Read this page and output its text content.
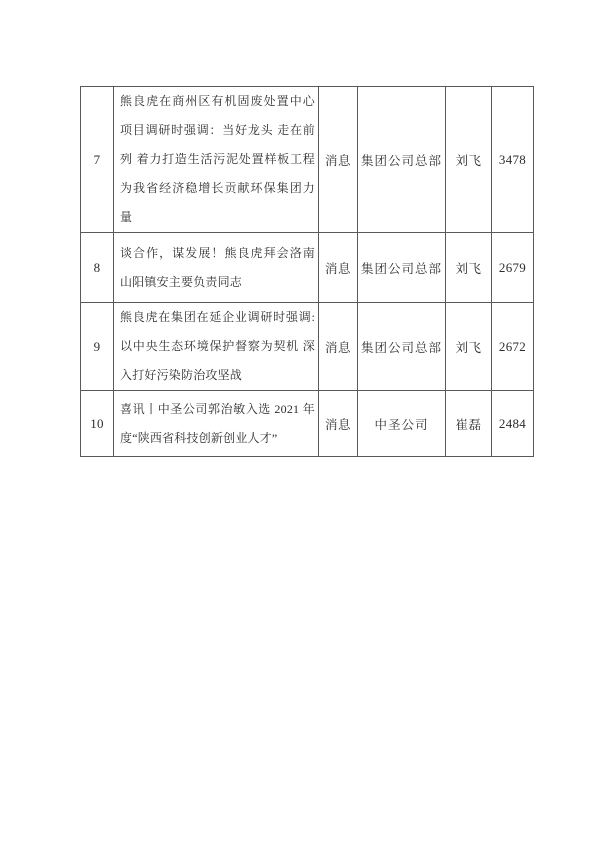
7	熊良虎在商州区有机固废处置中心项目调研时强调：当好龙头 走在前列 着力打造生活污泥处置样板工程 为我省经济稳增长贡献环保集团力量	消息	集团公司总部	刘飞	3478
8	谈合作，谋发展！熊良虎拜会洛南山阳镇安主要负责同志	消息	集团公司总部	刘飞	2679
9	熊良虎在集团在延企业调研时强调: 以中央生态环境保护督察为契机 深入打好污染防治攻坚战	消息	集团公司总部	刘飞	2672
10	喜讯丨中圣公司郭治敏入选 2021 年度“陕西省科技创新创业人才”	消息	中圣公司	崔磊	2484
